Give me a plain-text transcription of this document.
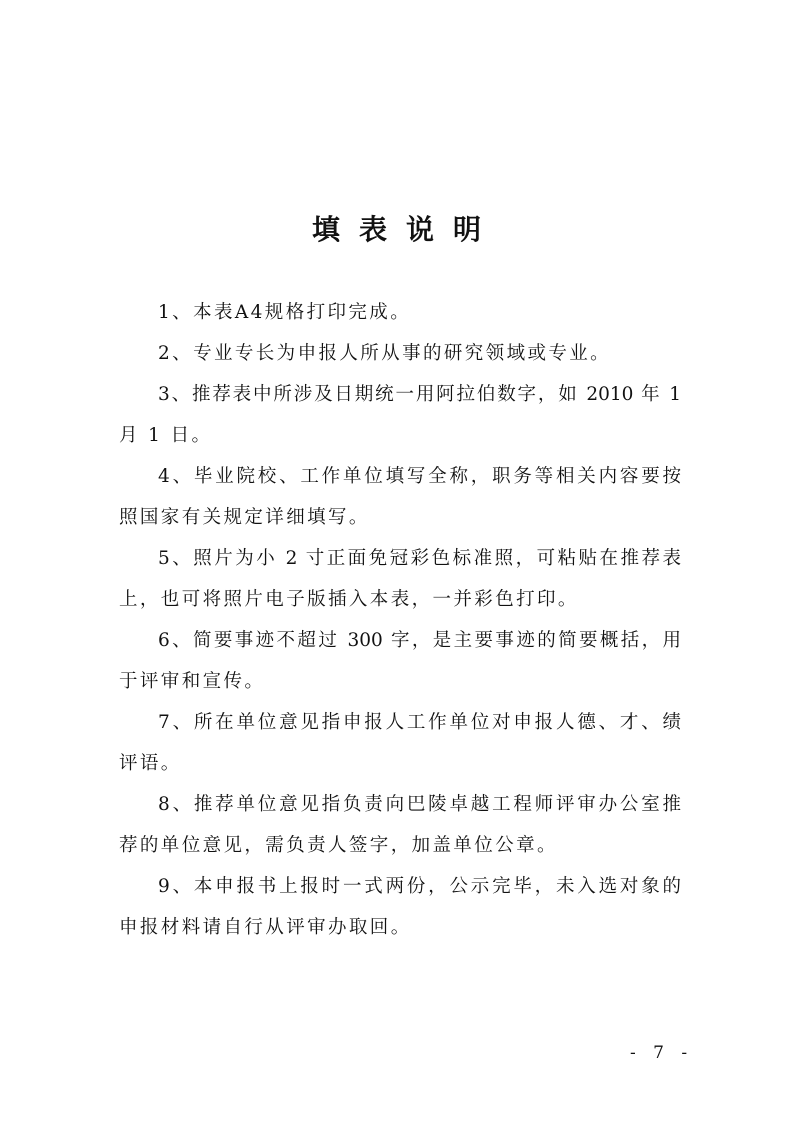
填表说明
1、本表A4规格打印完成。
2、专业专长为申报人所从事的研究领域或专业。
3、推荐表中所涉及日期统一用阿拉伯数字，如 2010 年 1
月 1 日。
4、毕业院校、工作单位填写全称，职务等相关内容要按
照国家有关规定详细填写。
5、照片为小 2 寸正面免冠彩色标准照，可粘贴在推荐表
上，也可将照片电子版插入本表，一并彩色打印。
6、简要事迹不超过 300 字，是主要事迹的简要概括，用
于评审和宣传。
7、所在单位意见指申报人工作单位对申报人德、才、绩
评语。
8、推荐单位意见指负责向巴陵卓越工程师评审办公室推
荐的单位意见，需负责人签字，加盖单位公章。
9、本申报书上报时一式两份，公示完毕，未入选对象的
申报材料请自行从评审办取回。
- 7 -
